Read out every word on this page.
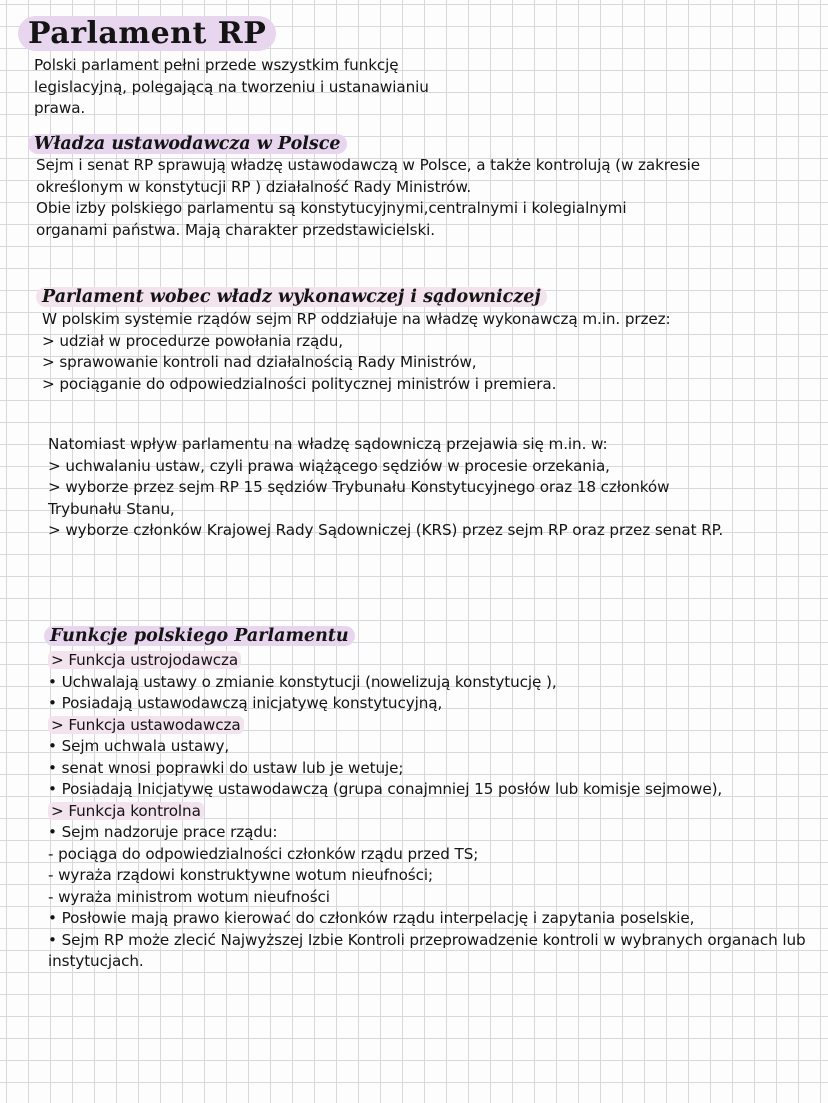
Parlament RP

Polski parlament pełni przede wszystkim funkcję legislacyjną, polegającą na tworzeniu i ustanawianiu prawa.

Władza ustawodawcza w Polsce

Sejm i senat RP sprawują władzę ustawodawczą w Polsce, a także kontrolują (w zakresie określonym w konstytucji RP ) działalność Rady Ministrów.

Obie izby polskiego parlamentu są konstytucyjnymi,centralnymi i kolegialnymi organami państwa. Mają charakter przedstawicielski.

Parlament wobec władz wykonawczej i sądowniczej

W polskim systemie rządów sejm RP oddziałuje na władzę wykonawczą m.in. przez:

> udział w procedurze powołania rządu,

> sprawowanie kontroli nad działalnością Rady Ministrów,

> pociąganie do odpowiedzialności politycznej ministrów i premiera.

Natomiast wpływ parlamentu na władzę sądowniczą przejawia się m.in. w:

> uchwalaniu ustaw, czyli prawa wiążącego sędziów w procesie orzekania,

> wyborze przez sejm RP 15 sędziów Trybunału Konstytucyjnego oraz 18 członków Trybunału Stanu,

> wyborze członków Krajowej Rady Sądowniczej (KRS) przez sejm RP oraz przez senat RP.

Funkcje polskiego Parlamentu

> Funkcja ustrojodawcza

• Uchwalają ustawy o zmianie konstytucji (nowelizują konstytucję ),

• Posiadają ustawodawczą inicjatywę konstytucyjną,

> Funkcja ustawodawcza

• Sejm uchwala ustawy,

• senat wnosi poprawki do ustaw lub je wetuje;

• Posiadają Inicjatywę ustawodawczą (grupa conajmniej 15 posłów lub komisje sejmowe),

> Funkcja kontrolna

• Sejm nadzoruje prace rządu:

- pociąga do odpowiedzialności członków rządu przed TS;

- wyraża rządowi konstruktywne wotum nieufności;

- wyraża ministrom wotum nieufności

• Posłowie mają prawo kierować do członków rządu interpelację i zapytania poselskie,

• Sejm RP może zlecić Najwyższej Izbie Kontroli przeprowadzenie kontroli w wybranych organach lub instytucjach.
